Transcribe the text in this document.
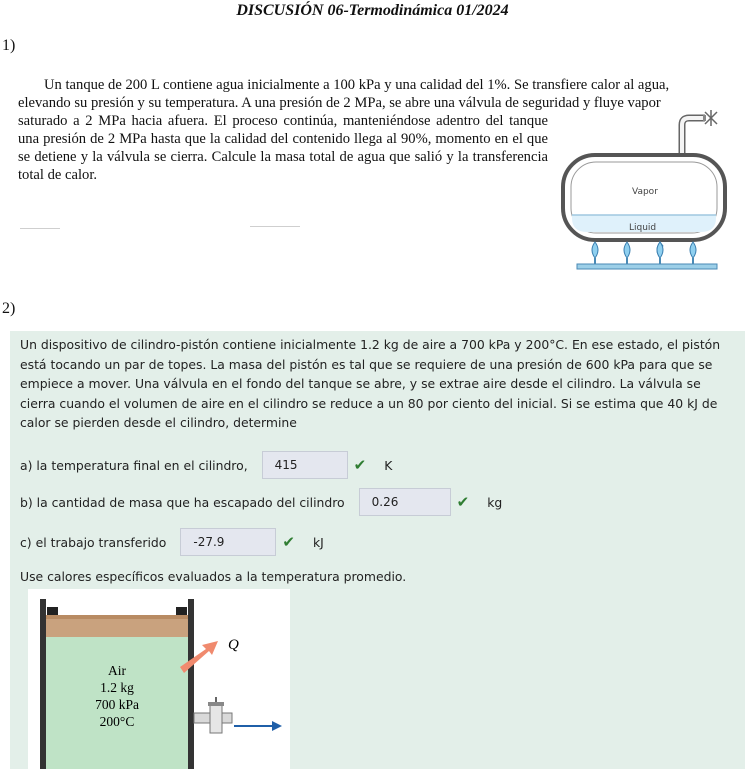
DISCUSIÓN 06-Termodinámica 01/2024
1)
Un tanque de 200 L contiene agua inicialmente a 100 kPa y una calidad del 1%. Se transfiere calor al agua,
elevando su presión y su temperatura. A una presión de 2 MPa, se abre una válvula de seguridad y fluye vapor
saturado a 2 MPa hacia afuera. El proceso continúa, manteniéndose adentro del tanque una presión de 2 MPa hasta que la calidad del contenido llega al 90%, momento en el que se detiene y la válvula se cierra. Calcule la masa total de agua que salió y la transferencia total de calor.
Vapor
Liquid
2)
Un dispositivo de cilindro-pistón contiene inicialmente 1.2 kg de aire a 700 kPa y 200°C. En ese estado, el pistón está tocando un par de topes. La masa del pistón es tal que se requiere de una presión de 600 kPa para que se empiece a mover. Una válvula en el fondo del tanque se abre, y se extrae aire desde el cilindro. La válvula se cierra cuando el volumen de aire en el cilindro se reduce a un 80 por ciento del inicial. Si se estima que 40 kJ de calor se pierden desde el cilindro, determine
a) la temperatura final en el cilindro,	415	✔ K
b) la cantidad de masa que ha escapado del cilindro	0.26	✔ kg
c) el trabajo transferido	-27.9	✔ kJ
Use calores específicos evaluados a la temperatura promedio.
Air
1.2 kg
700 kPa
200°C
Q
